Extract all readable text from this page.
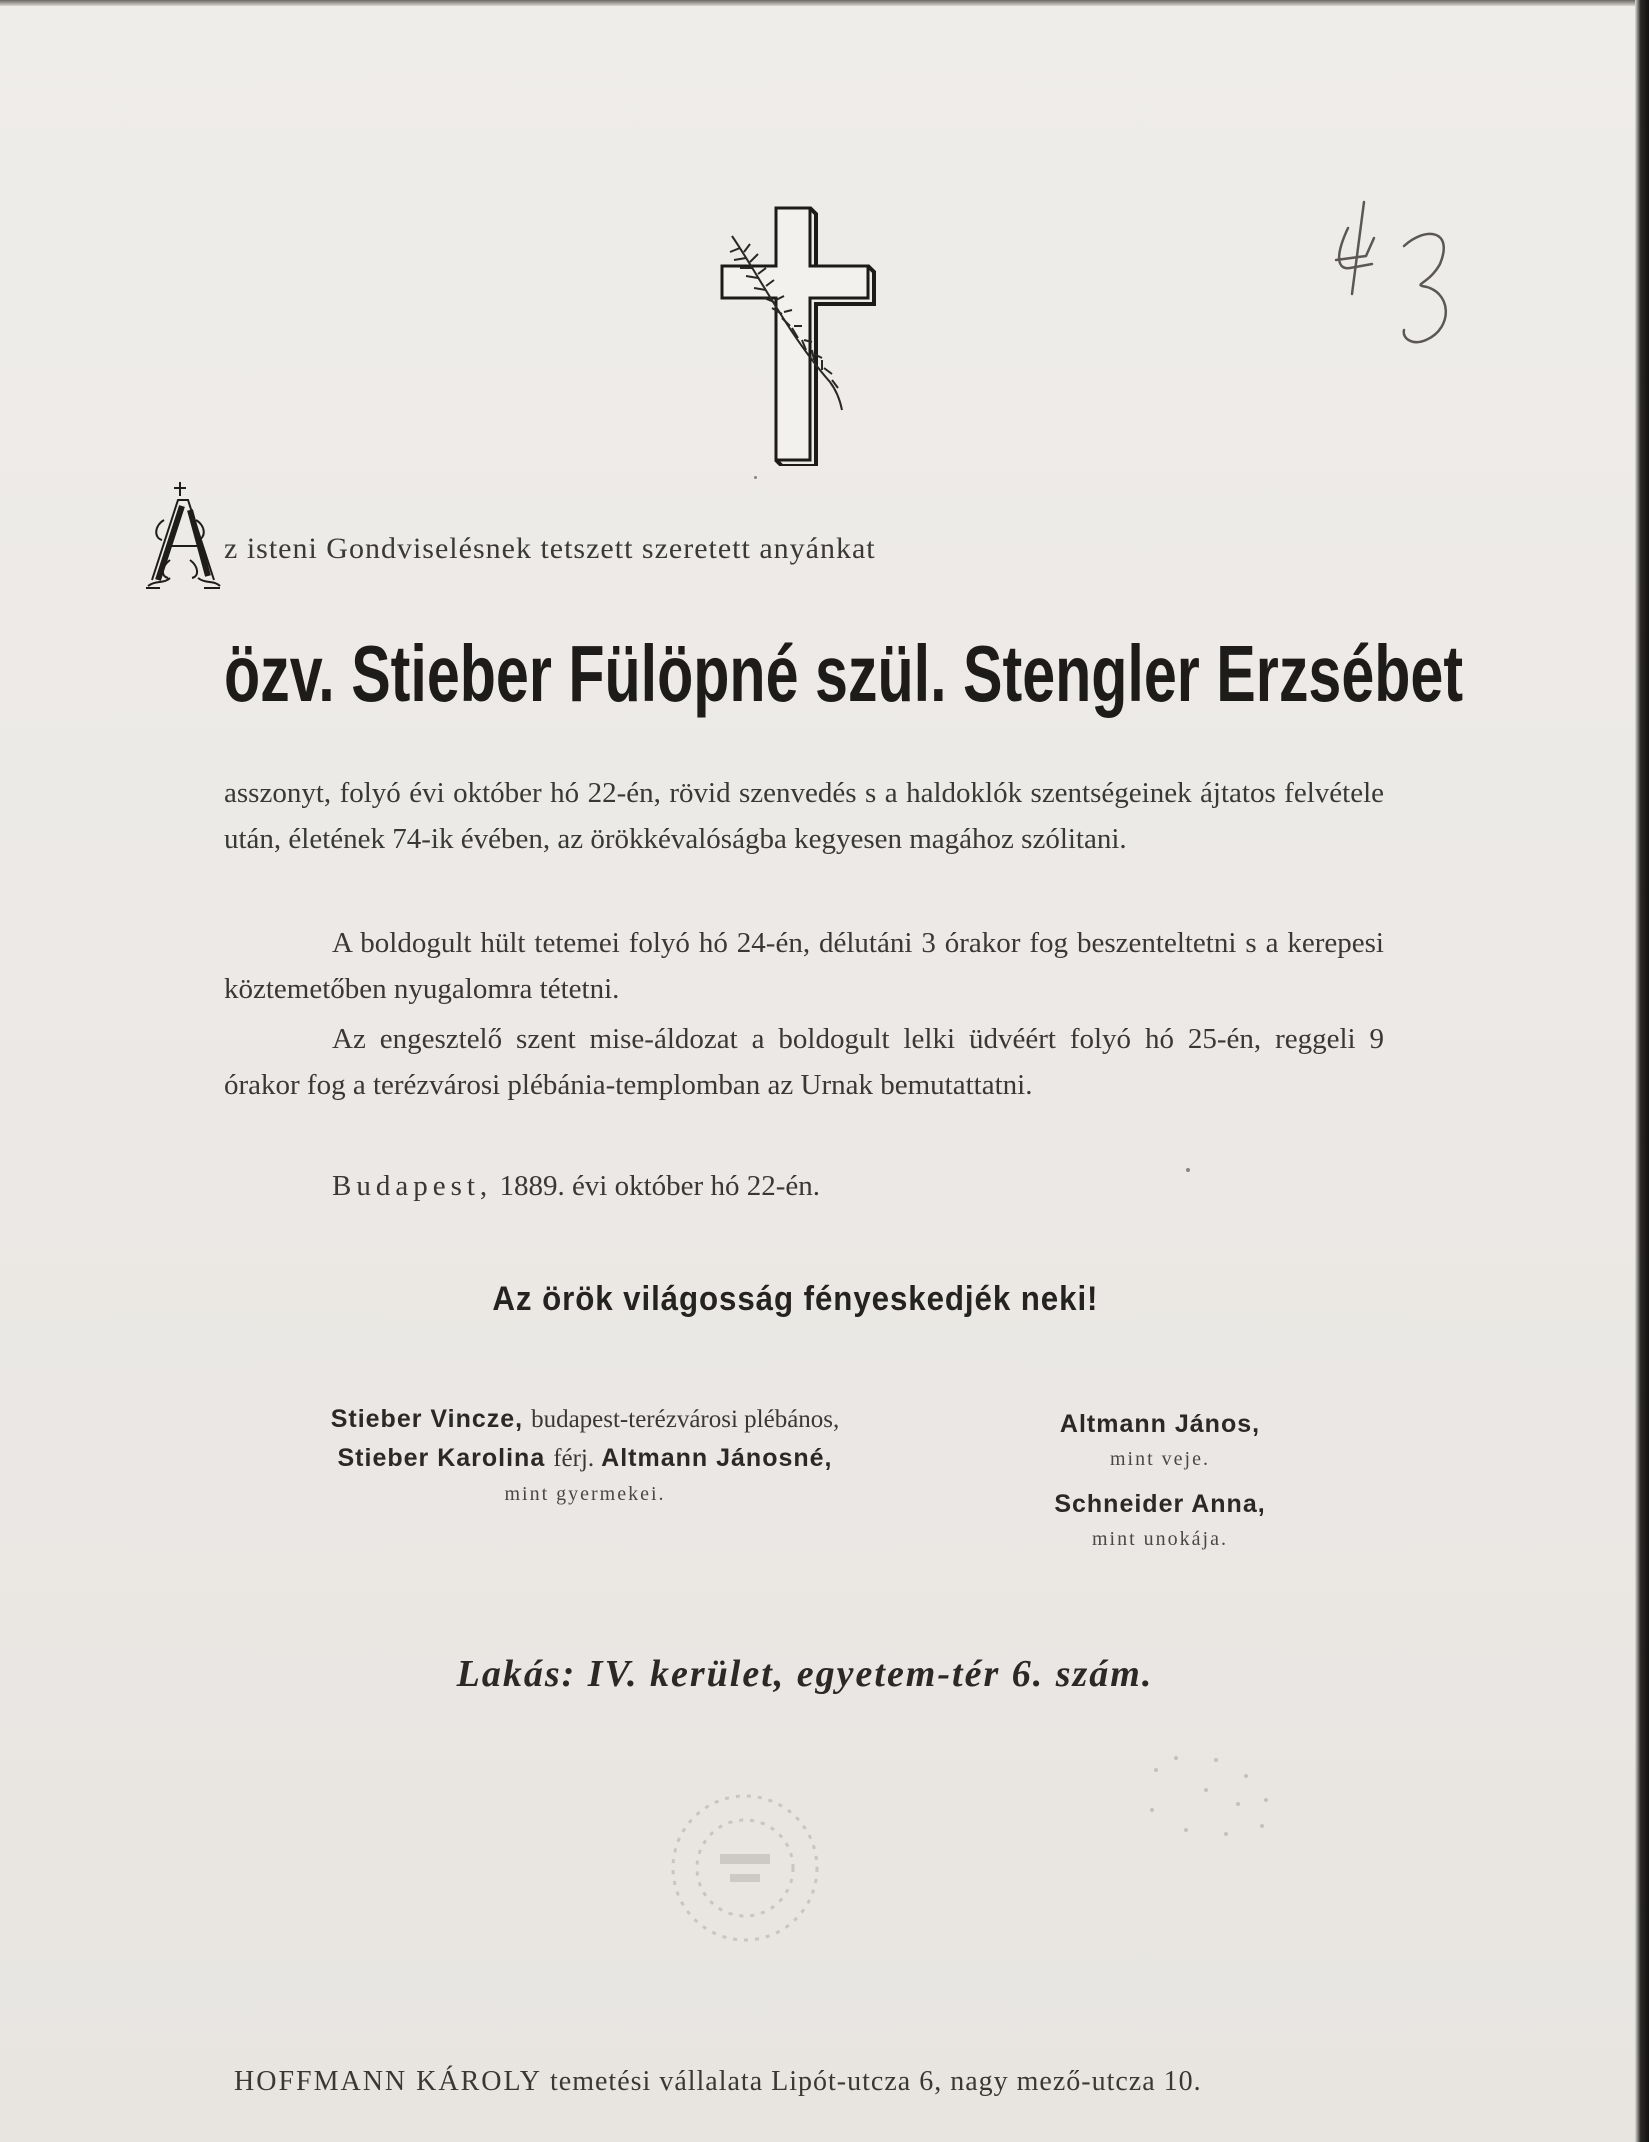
z isteni Gondviselésnek tetszett szeretett anyánkat
özv. Stieber Fülöpné szül. Stengler Erzsébet
asszonyt, folyó évi október hó 22-én, rövid szenvedés s a haldoklók szentségeinek ájtatos felvétele után, életének 74-ik évében, az örökkévalóságba kegyesen magához szólitani.
A boldogult hült tetemei folyó hó 24-én, délutáni 3 órakor fog beszenteltetni s a kerepesi köztemetőben nyugalomra tétetni.
Az engesztelő szent mise-áldozat a boldogult lelki üdvéért folyó hó 25-én, reggeli 9 órakor fog a terézvárosi plébánia-templomban az Urnak bemutattatni.
Budapest, 1889. évi október hó 22-én.
Az örök világosság fényeskedjék neki!
Stieber Vincze, budapest-terézvárosi plébános,
Stieber Karolina férj. Altmann Jánosné,
mint gyermekei.
Altmann János,
mint veje.
Schneider Anna,
mint unokája.
Lakás: IV. kerület, egyetem-tér 6. szám.
HOFFMANN KÁROLY temetési vállalata Lipót-utcza 6, nagy mező-utcza 10.
